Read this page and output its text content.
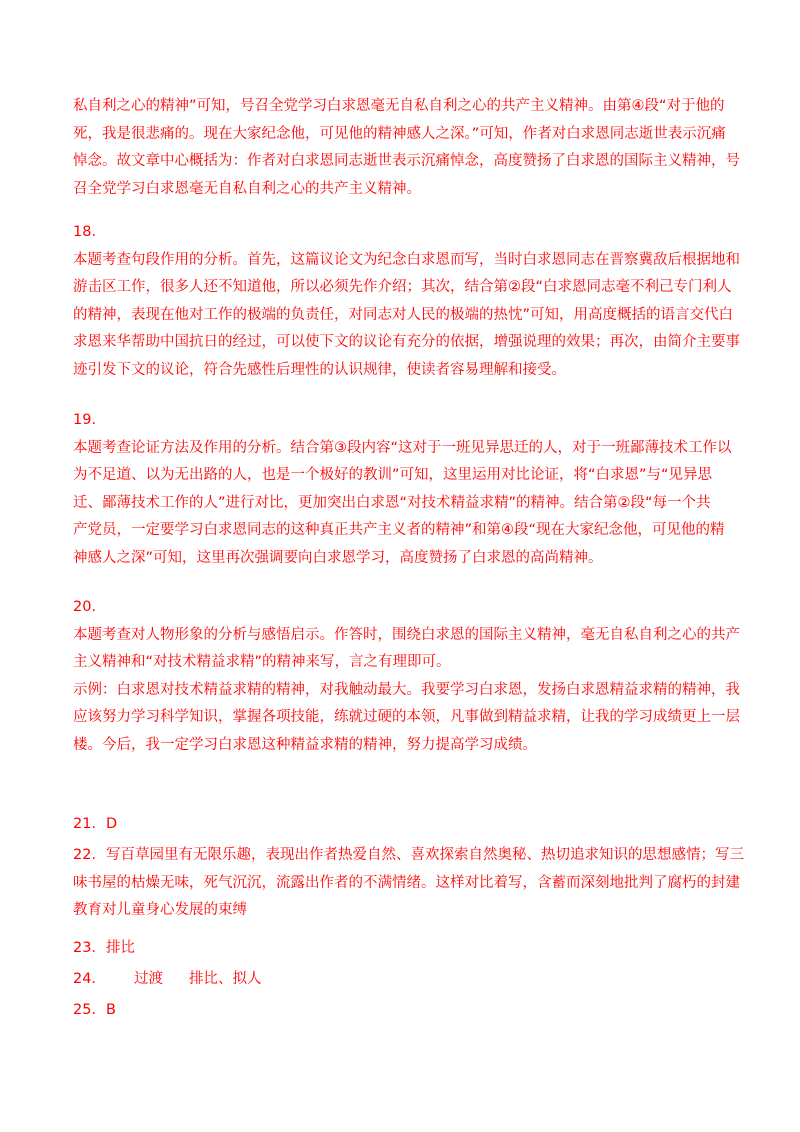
私自利之心的精神”可知，号召全党学习白求恩毫无自私自利之心的共产主义精神。由第④段“对于他的
死，我是很悲痛的。现在大家纪念他，可见他的精神感人之深。”可知，作者对白求恩同志逝世表示沉痛
悼念。故文章中心概括为：作者对白求恩同志逝世表示沉痛悼念，高度赞扬了白求恩的国际主义精神，号
召全党学习白求恩毫无自私自利之心的共产主义精神。
18.
本题考查句段作用的分析。首先，这篇议论文为纪念白求恩而写，当时白求恩同志在晋察冀敌后根据地和
游击区工作，很多人还不知道他，所以必须先作介绍；其次，结合第②段“白求恩同志毫不利己专门利人
的精神，表现在他对工作的极端的负责任，对同志对人民的极端的热忱”可知，用高度概括的语言交代白
求恩来华帮助中国抗日的经过，可以使下文的议论有充分的依据，增强说理的效果；再次，由简介主要事
迹引发下文的议论，符合先感性后理性的认识规律，使读者容易理解和接受。
19.
本题考查论证方法及作用的分析。结合第③段内容“这对于一班见异思迁的人，对于一班鄙薄技术工作以
为不足道、以为无出路的人，也是一个极好的教训”可知，这里运用对比论证，将“白求恩”与“见异思
迁、鄙薄技术工作的人”进行对比，更加突出白求恩“对技术精益求精”的精神。结合第②段“每一个共
产党员，一定要学习白求恩同志的这种真正共产主义者的精神”和第④段“现在大家纪念他，可见他的精
神感人之深”可知，这里再次强调要向白求恩学习，高度赞扬了白求恩的高尚精神。
20.
本题考查对人物形象的分析与感悟启示。作答时，围绕白求恩的国际主义精神，毫无自私自利之心的共产
主义精神和“对技术精益求精”的精神来写，言之有理即可。
示例：白求恩对技术精益求精的精神，对我触动最大。我要学习白求恩，发扬白求恩精益求精的精神，我
应该努力学习科学知识，掌握各项技能，练就过硬的本领，凡事做到精益求精，让我的学习成绩更上一层
楼。今后，我一定学习白求恩这种精益求精的精神，努力提高学习成绩。
21．D
22．写百草园里有无限乐趣，表现出作者热爱自然、喜欢探索自然奥秘、热切追求知识的思想感情；写三
味书屋的枯燥无味，死气沉沉，流露出作者的不满情绪。这样对比着写，含蓄而深刻地批判了腐朽的封建
教育对儿童身心发展的束缚
23．排比
24． 过渡 排比、拟人
25．B
